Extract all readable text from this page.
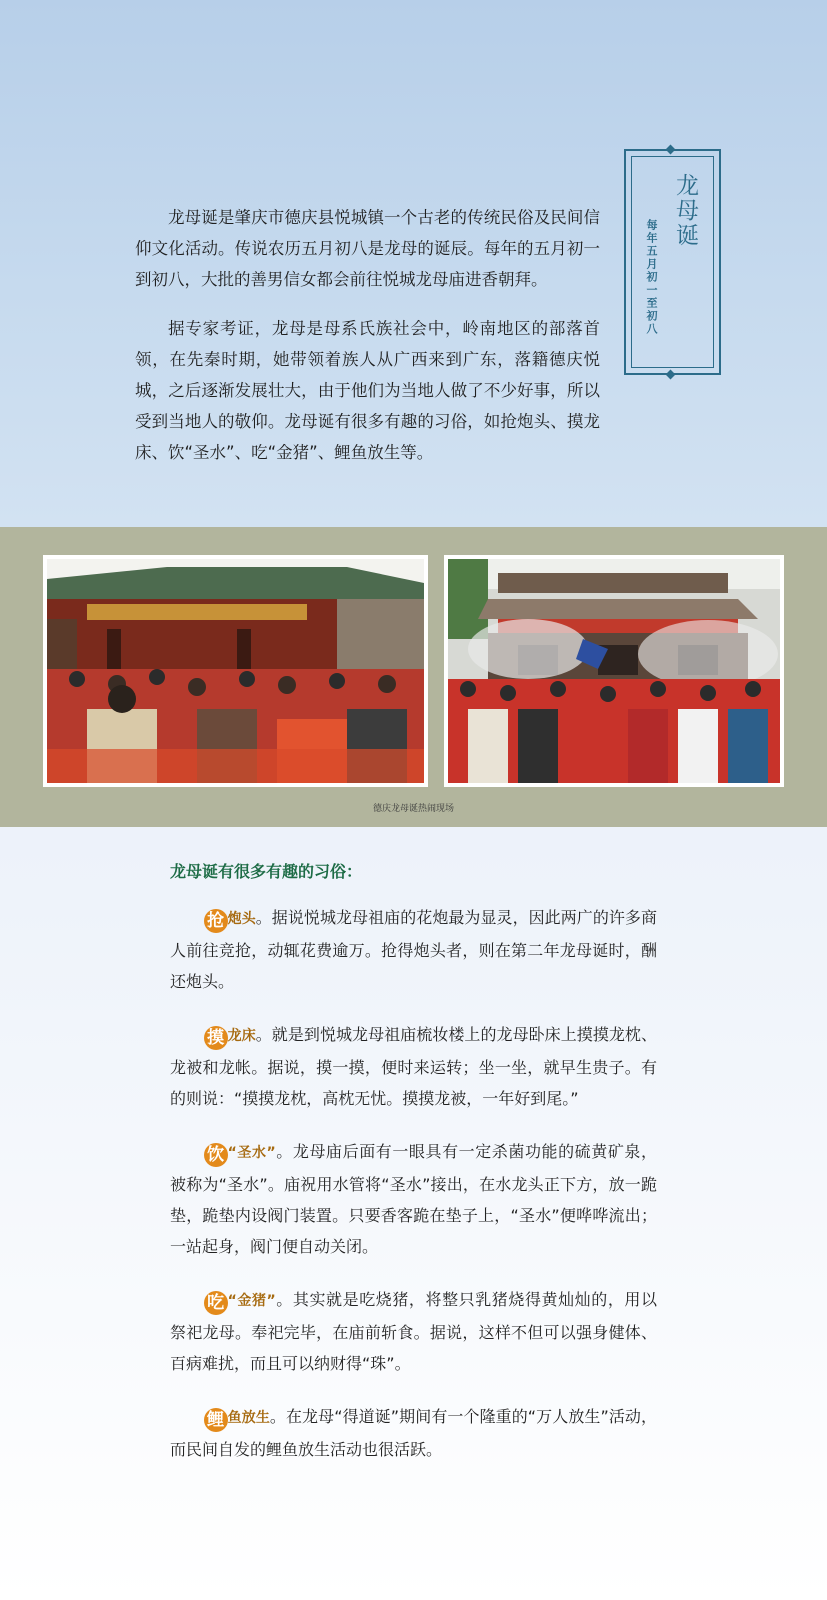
龙母诞是肇庆市德庆县悦城镇一个古老的传统民俗及民间信仰文化活动。传说农历五月初八是龙母的诞辰。每年的五月初一到初八，大批的善男信女都会前往悦城龙母庙进香朝拜。

据专家考证，龙母是母系氏族社会中，岭南地区的部落首领，在先秦时期，她带领着族人从广西来到广东，落籍德庆悦城，之后逐渐发展壮大，由于他们为当地人做了不少好事，所以受到当地人的敬仰。龙母诞有很多有趣的习俗，如抢炮头、摸龙床、饮“圣水”、吃“金猪”、鲤鱼放生等。

龙母诞
每年五月初一至初八
德庆龙母诞热闹现场
龙母诞有很多有趣的习俗：

抢 炮头。据说悦城龙母祖庙的花炮最为显灵，因此两广的许多商人前往竞抢，动辄花费逾万。抢得炮头者，则在第二年龙母诞时，酬还炮头。

摸 龙床。就是到悦城龙母祖庙梳妆楼上的龙母卧床上摸摸龙枕、龙被和龙帐。据说，摸一摸，便时来运转；坐一坐，就早生贵子。有的则说：“摸摸龙枕，高枕无忧。摸摸龙被，一年好到尾。”

饮 “圣水”。龙母庙后面有一眼具有一定杀菌功能的硫黄矿泉，被称为“圣水”。庙祝用水管将“圣水”接出，在水龙头正下方，放一跪垫，跪垫内设阀门装置。只要香客跪在垫子上，“圣水”便哗哗流出；一站起身，阀门便自动关闭。

吃 “金猪”。其实就是吃烧猪，将整只乳猪烧得黄灿灿的，用以祭祀龙母。奉祀完毕，在庙前斩食。据说，这样不但可以强身健体、百病难扰，而且可以纳财得“珠”。

鲤 鱼放生。在龙母“得道诞”期间有一个隆重的“万人放生”活动，而民间自发的鲤鱼放生活动也很活跃。
